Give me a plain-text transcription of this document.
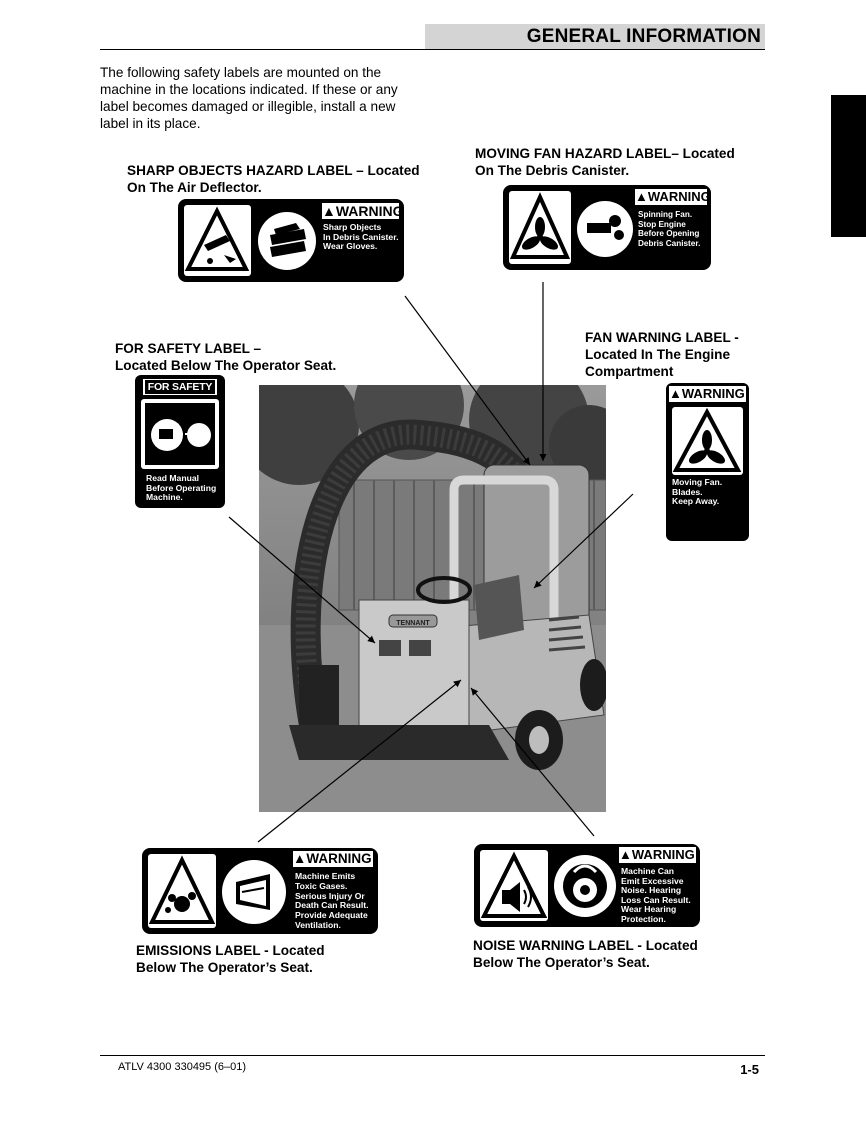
GENERAL INFORMATION
The following safety labels are mounted on the machine in the locations indicated. If these or any label becomes damaged or illegible, install a new label in its place.
SHARP OBJECTS HAZARD LABEL – Located
On The Air Deflector.
MOVING FAN HAZARD LABEL– Located
On The Debris Canister.
FOR SAFETY LABEL –
Located Below The Operator Seat.
FAN WARNING LABEL -
Located In The Engine
Compartment
EMISSIONS LABEL - Located
Below The Operator’s Seat.
NOISE WARNING LABEL - Located
Below The Operator’s Seat.
TENNANT
▲WARNING
Sharp Objects
In Debris Canister.
Wear Gloves.
▲WARNING
Spinning Fan.
Stop Engine
Before Opening
Debris Canister.
FOR SAFETY
Read Manual
Before Operating
Machine.
▲WARNING
Moving Fan.
Blades.
Keep Away.
▲WARNING
Machine Emits
Toxic Gases.
Serious Injury Or
Death Can Result.
Provide Adequate
Ventilation.
▲WARNING
Machine Can
Emit Excessive
Noise. Hearing
Loss Can Result.
Wear Hearing
Protection.
ATLV 4300 330495 (6–01)	1-5
